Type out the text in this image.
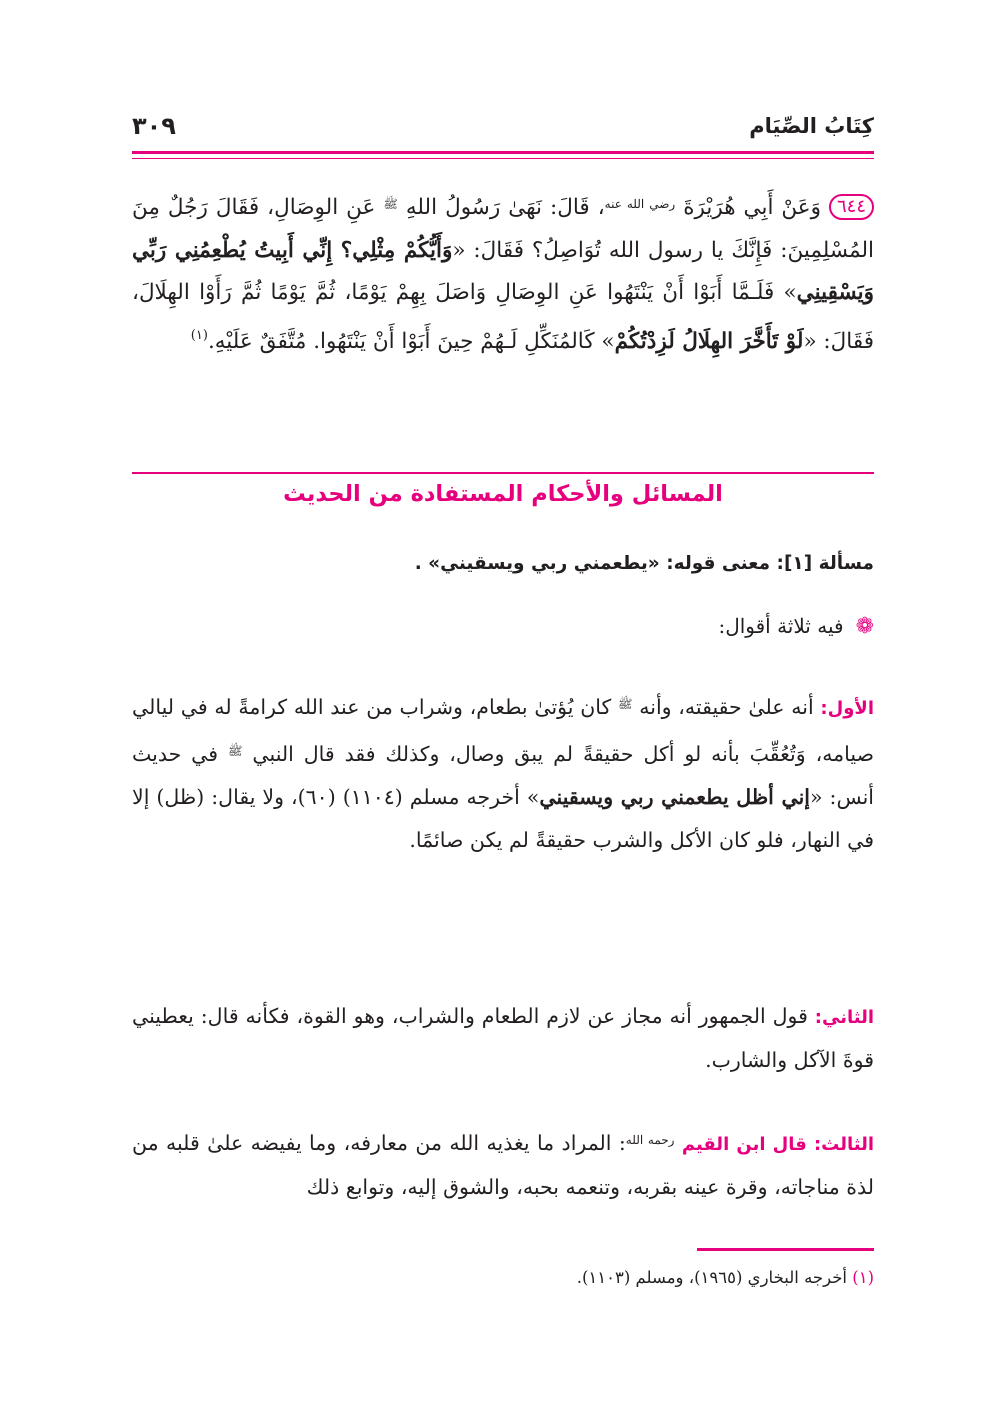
كِتَابُ الصِّيَام
٣٠٩
٦٤٤وَعَنْ أَبِي هُرَيْرَةَ $^{رضي الله عنه}$، قَالَ: نَهَىٰ رَسُولُ اللهِ $^ﷺ$ عَنِ الوِصَالِ، فَقَالَ رَجُلٌ مِنَ المُسْلِمِينَ: فَإِنَّكَ يا رسول الله تُوَاصِلُ؟ فَقَالَ: «وَأَيُّكُمْ مِثْلِي؟ إِنِّي أَبِيتُ يُطْعِمُنِي رَبِّي وَيَسْقِينِي» فَلَـمَّا أَبَوْا أَنْ يَنْتَهُوا عَنِ الوِصَالِ وَاصَلَ بِهِمْ يَوْمًا، ثُمَّ يَوْمًا ثُمَّ رَأَوْا الهِلَالَ، فَقَالَ: «لَوْ تَأَخَّرَ الهِلَالُ لَزِدْتُكُمْ» كَالمُنَكِّلِ لَـهُمْ حِينَ أَبَوْا أَنْ يَنْتَهُوا. مُتَّفَقٌ عَلَيْهِ.$^{(١)}$
المسائل والأحكام المستفادة من الحديث
مسألة [١]: معنى قوله: «يطعمني ربي ويسقيني» .
❁فيه ثلاثة أقوال:
الأول: أنه علىٰ حقيقته، وأنه $^ﷺ$ كان يُؤتىٰ بطعام، وشراب من عند الله كرامةً له في ليالي صيامه، وَتُعُقِّبَ بأنه لو أكل حقيقةً لم يبق وصال، وكذلك فقد قال النبي $^ﷺ$ في حديث أنس: «إني أظل يطعمني ربي ويسقيني» أخرجه مسلم (١١٠٤) (٦٠)، ولا يقال: (ظل) إلا في النهار، فلو كان الأكل والشرب حقيقةً لم يكن صائمًا.
الثاني: قول الجمهور أنه مجاز عن لازم الطعام والشراب، وهو القوة، فكأنه قال: يعطيني قوةَ الآكل والشارب.
الثالث: قال ابن القيم $^{رحمه الله}$: المراد ما يغذيه الله من معارفه، وما يفيضه علىٰ قلبه من لذة مناجاته، وقرة عينه بقربه، وتنعمه بحبه، والشوق إليه، وتوابع ذلك
(١) أخرجه البخاري (١٩٦٥)، ومسلم (١١٠٣).
